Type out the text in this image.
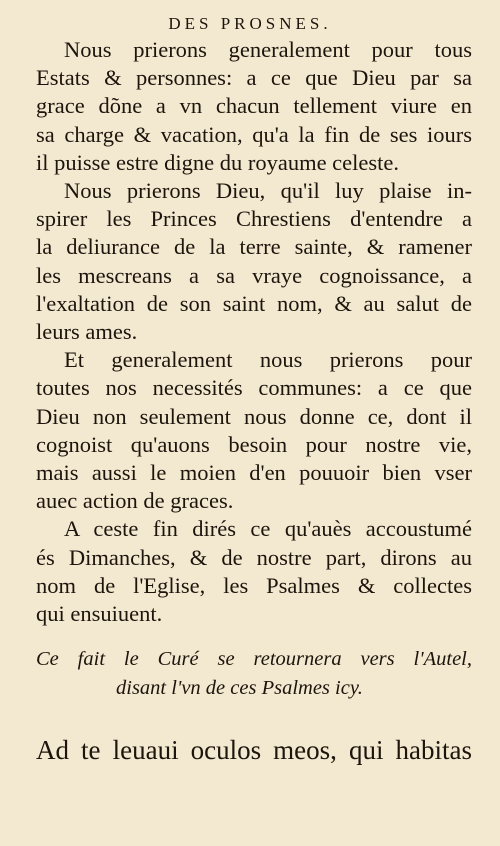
DES PROSNES.

Nous prierons generalement pour tous
Estats & personnes: a ce que Dieu par sa
grace dõne a vn chacun tellement viure en
sa charge & vacation, qu'a la fin de ses iours
il puisse estre digne du royaume celeste.

Nous prierons Dieu, qu'il luy plaise in-
spirer les Princes Chrestiens d'entendre a
la deliurance de la terre sainte, & ramener
les mescreans a sa vraye cognoissance, a
l'exaltation de son saint nom, & au salut de
leurs ames.

Et generalement nous prierons pour
toutes nos necessités communes: a ce que
Dieu non seulement nous donne ce, dont il
cognoist qu'auons besoin pour nostre vie,
mais aussi le moien d'en pouuoir bien vser
auec action de graces.

A ceste fin dirés ce qu'auès accoustumé
és Dimanches, & de nostre part, dirons au
nom de l'Eglise, les Psalmes & collectes
qui ensuiuent.

Ce fait le Curé se retournera vers l'Autel,
disant l'vn de ces Psalmes icy.
Ad te leuaui oculos meos, qui habitas
